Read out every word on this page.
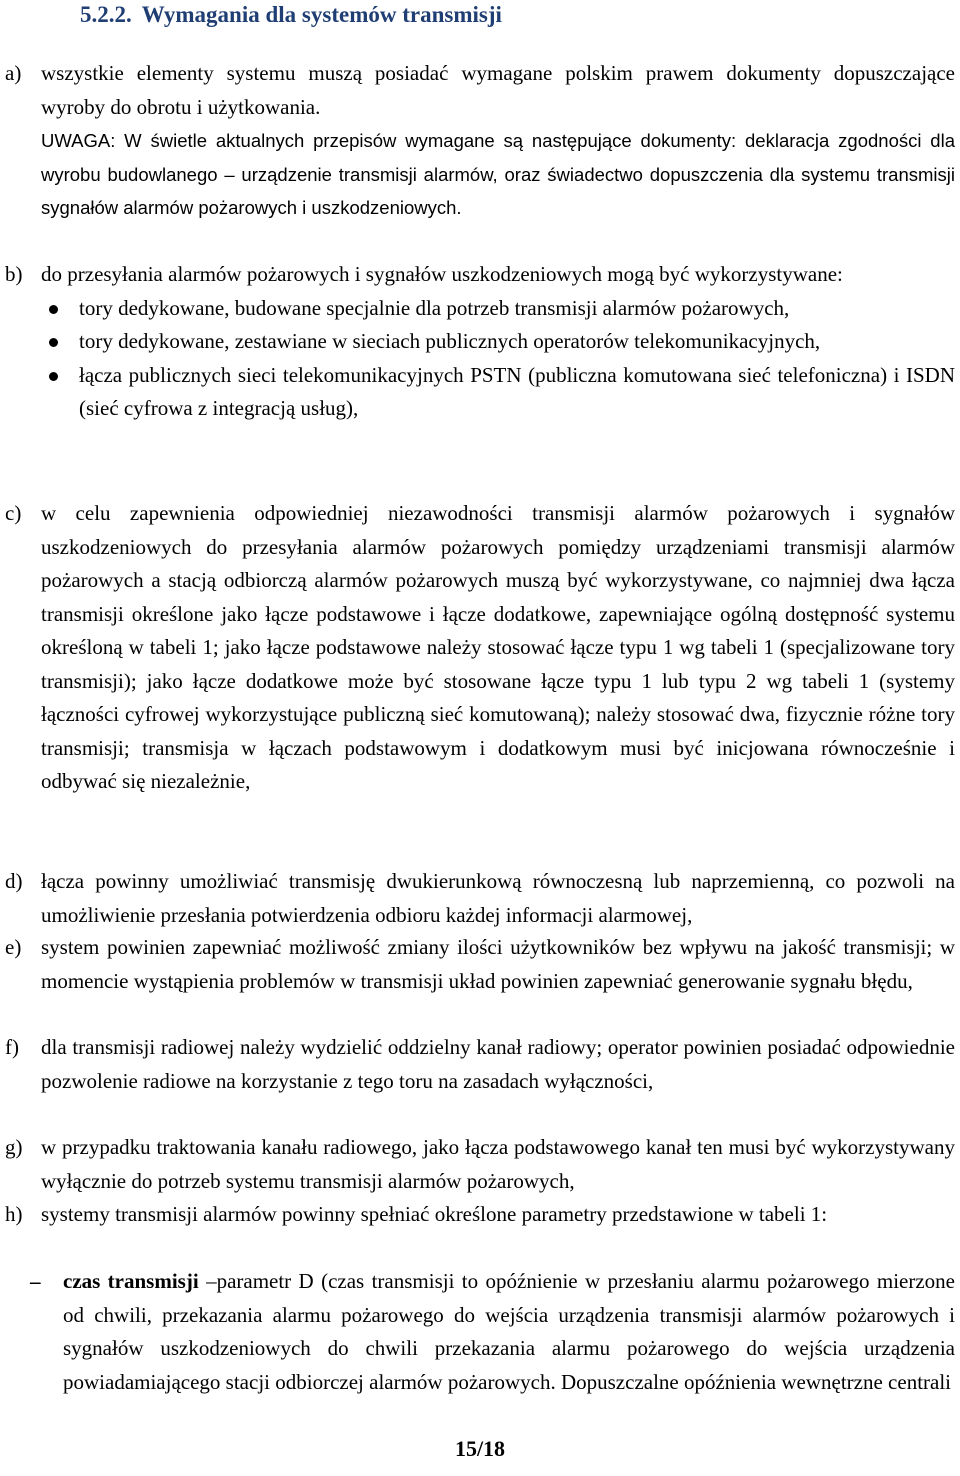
5.2.2. Wymagania dla systemów transmisji
a) wszystkie elementy systemu muszą posiadać wymagane polskim prawem dokumenty dopuszczające wyroby do obrotu i użytkowania.
UWAGA: W świetle aktualnych przepisów wymagane są następujące dokumenty: deklaracja zgodności dla wyrobu budowlanego – urządzenie transmisji alarmów, oraz świadectwo dopuszczenia dla systemu transmisji sygnałów alarmów pożarowych i uszkodzeniowych.
b) do przesyłania alarmów pożarowych i sygnałów uszkodzeniowych mogą być wykorzystywane:
tory dedykowane, budowane specjalnie dla potrzeb transmisji alarmów pożarowych,
tory dedykowane, zestawiane w sieciach publicznych operatorów telekomunikacyjnych,
łącza publicznych sieci telekomunikacyjnych PSTN (publiczna komutowana sieć telefoniczna) i ISDN (sieć cyfrowa z integracją usług),
c) w celu zapewnienia odpowiedniej niezawodności transmisji alarmów pożarowych i sygnałów uszkodzeniowych do przesyłania alarmów pożarowych pomiędzy urządzeniami transmisji alarmów pożarowych a stacją odbiorczą alarmów pożarowych muszą być wykorzystywane, co najmniej dwa łącza transmisji określone jako łącze podstawowe i łącze dodatkowe, zapewniające ogólną dostępność systemu określoną w tabeli 1; jako łącze podstawowe należy stosować łącze typu 1 wg tabeli 1 (specjalizowane tory transmisji); jako łącze dodatkowe może być stosowane łącze typu 1 lub typu 2 wg tabeli 1 (systemy łączności cyfrowej wykorzystujące publiczną sieć komutowaną); należy stosować dwa, fizycznie różne tory transmisji; transmisja w łączach podstawowym i dodatkowym musi być inicjowana równocześnie i odbywać się niezależnie,
d) łącza powinny umożliwiać transmisję dwukierunkową równoczesną lub naprzemienną, co pozwoli na umożliwienie przesłania potwierdzenia odbioru każdej informacji alarmowej,
e) system powinien zapewniać możliwość zmiany ilości użytkowników bez wpływu na jakość transmisji; w momencie wystąpienia problemów w transmisji układ powinien zapewniać generowanie sygnału błędu,
f) dla transmisji radiowej należy wydzielić oddzielny kanał radiowy; operator powinien posiadać odpowiednie pozwolenie radiowe na korzystanie z tego toru na zasadach wyłączności,
g) w przypadku traktowania kanału radiowego, jako łącza podstawowego kanał ten musi być wykorzystywany wyłącznie do potrzeb systemu transmisji alarmów pożarowych,
h) systemy transmisji alarmów powinny spełniać określone parametry przedstawione w tabeli 1:
– czas transmisji –parametr D (czas transmisji to opóźnienie w przesłaniu alarmu pożarowego mierzone od chwili, przekazania alarmu pożarowego do wejścia urządzenia transmisji alarmów pożarowych i sygnałów uszkodzeniowych do chwili przekazania alarmu pożarowego do wejścia urządzenia powiadamiającego stacji odbiorczej alarmów pożarowych. Dopuszczalne opóźnienia wewnętrzne centrali
15/18
